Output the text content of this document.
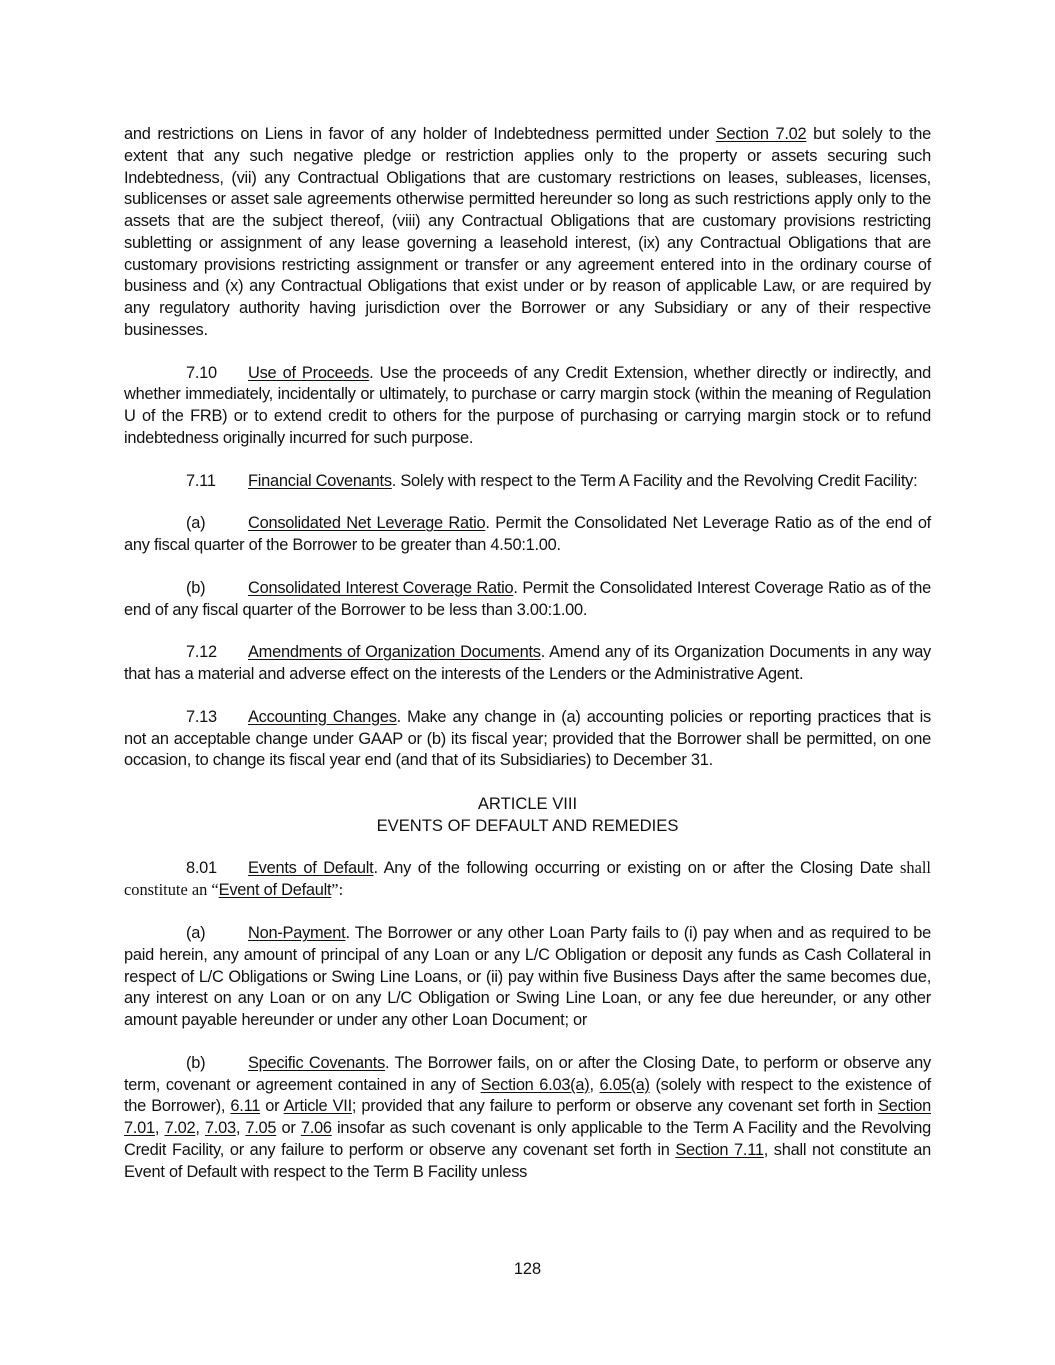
and restrictions on Liens in favor of any holder of Indebtedness permitted under Section 7.02 but solely to the extent that any such negative pledge or restriction applies only to the property or assets securing such Indebtedness, (vii) any Contractual Obligations that are customary restrictions on leases, subleases, licenses, sublicenses or asset sale agreements otherwise permitted hereunder so long as such restrictions apply only to the assets that are the subject thereof, (viii) any Contractual Obligations that are customary provisions restricting subletting or assignment of any lease governing a leasehold interest, (ix) any Contractual Obligations that are customary provisions restricting assignment or transfer or any agreement entered into in the ordinary course of business and (x) any Contractual Obligations that exist under or by reason of applicable Law, or are required by any regulatory authority having jurisdiction over the Borrower or any Subsidiary or any of their respective businesses.

7.10 Use of Proceeds. Use the proceeds of any Credit Extension, whether directly or indirectly, and whether immediately, incidentally or ultimately, to purchase or carry margin stock (within the meaning of Regulation U of the FRB) or to extend credit to others for the purpose of purchasing or carrying margin stock or to refund indebtedness originally incurred for such purpose.

7.11 Financial Covenants. Solely with respect to the Term A Facility and the Revolving Credit Facility:

(a)	Consolidated Net Leverage Ratio. Permit the Consolidated Net Leverage Ratio as of the end of any fiscal quarter of the Borrower to be greater than 4.50:1.00.

(b)	Consolidated Interest Coverage Ratio. Permit the Consolidated Interest Coverage Ratio as of the end of any fiscal quarter of the Borrower to be less than 3.00:1.00.

7.12 Amendments of Organization Documents. Amend any of its Organization Documents in any way that has a material and adverse effect on the interests of the Lenders or the Administrative Agent.

7.13 Accounting Changes. Make any change in (a) accounting policies or reporting practices that is not an acceptable change under GAAP or (b) its fiscal year; provided that the Borrower shall be permitted, on one occasion, to change its fiscal year end (and that of its Subsidiaries) to December 31.

ARTICLE VIII
EVENTS OF DEFAULT AND REMEDIES

8.01 Events of Default. Any of the following occurring or existing on or after the Closing Date shall constitute an “Event of Default”:

(a)	Non-Payment. The Borrower or any other Loan Party fails to (i) pay when and as required to be paid herein, any amount of principal of any Loan or any L/C Obligation or deposit any funds as Cash Collateral in respect of L/C Obligations or Swing Line Loans, or (ii) pay within five Business Days after the same becomes due, any interest on any Loan or on any L/C Obligation or Swing Line Loan, or any fee due hereunder, or any other amount payable hereunder or under any other Loan Document; or

(b)	Specific Covenants. The Borrower fails, on or after the Closing Date, to perform or observe any term, covenant or agreement contained in any of Section 6.03(a), 6.05(a) (solely with respect to the existence of the Borrower), 6.11 or Article VII; provided that any failure to perform or observe any covenant set forth in Section 7.01, 7.02, 7.03, 7.05 or 7.06 insofar as such covenant is only applicable to the Term A Facility and the Revolving Credit Facility, or any failure to perform or observe any covenant set forth in Section 7.11, shall not constitute an Event of Default with respect to the Term B Facility unless

128
